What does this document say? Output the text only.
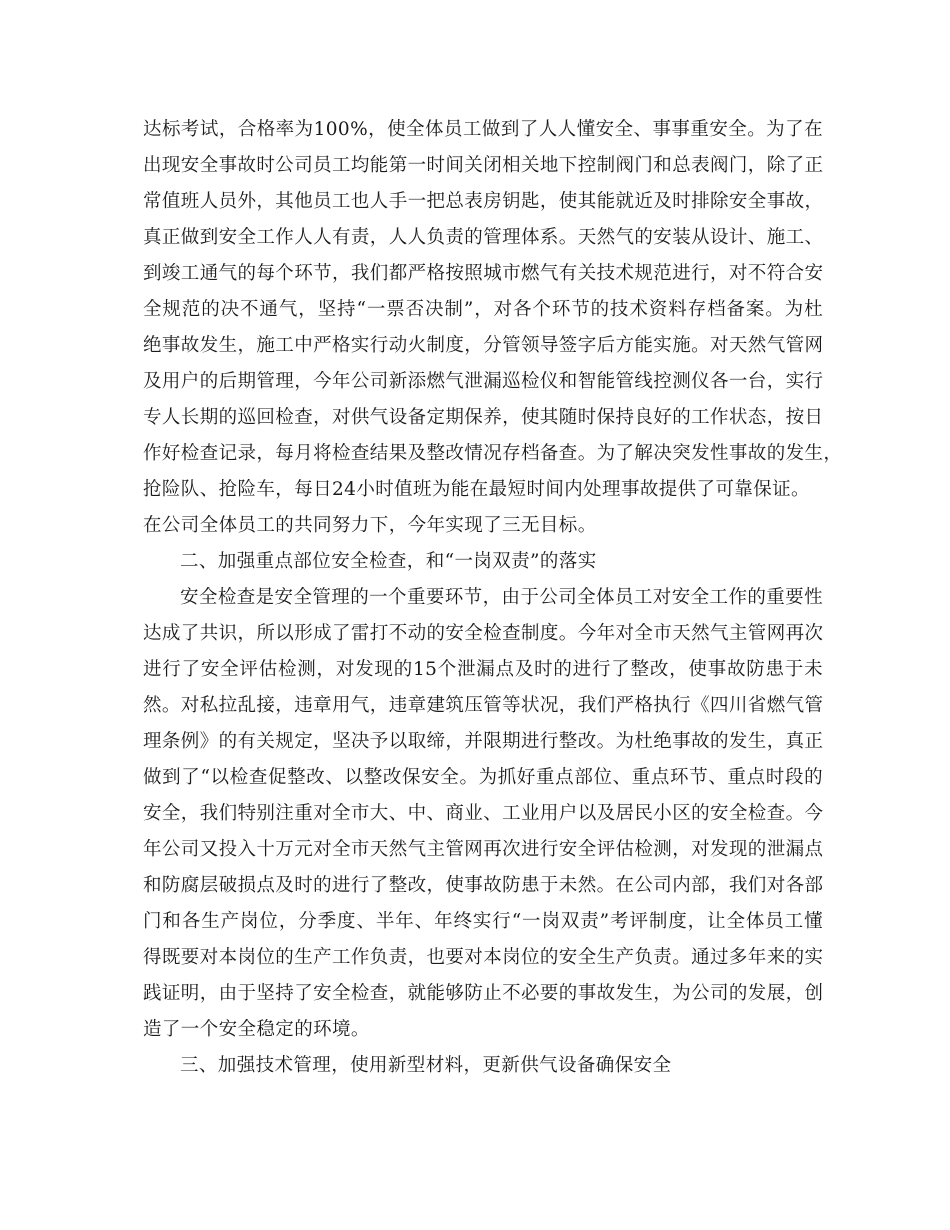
达标考试，合格率为100%，使全体员工做到了人人懂安全、事事重安全。为了在
出现安全事故时公司员工均能第一时间关闭相关地下控制阀门和总表阀门，除了正
常值班人员外，其他员工也人手一把总表房钥匙，使其能就近及时排除安全事故，
真正做到安全工作人人有责，人人负责的管理体系。天然气的安装从设计、施工、
到竣工通气的每个环节，我们都严格按照城市燃气有关技术规范进行，对不符合安
全规范的决不通气，坚持“一票否决制”，对各个环节的技术资料存档备案。为杜
绝事故发生，施工中严格实行动火制度，分管领导签字后方能实施。对天然气管网
及用户的后期管理，今年公司新添燃气泄漏巡检仪和智能管线控测仪各一台，实行
专人长期的巡回检查，对供气设备定期保养，使其随时保持良好的工作状态，按日
作好检查记录，每月将检查结果及整改情况存档备查。为了解决突发性事故的发生，
抢险队、抢险车，每日24小时值班为能在最短时间内处理事故提供了可靠保证。
在公司全体员工的共同努力下，今年实现了三无目标。
二、加强重点部位安全检查，和“一岗双责”的落实
安全检查是安全管理的一个重要环节，由于公司全体员工对安全工作的重要性
达成了共识，所以形成了雷打不动的安全检查制度。今年对全市天然气主管网再次
进行了安全评估检测，对发现的15个泄漏点及时的进行了整改，使事故防患于未
然。对私拉乱接，违章用气，违章建筑压管等状况，我们严格执行《四川省燃气管
理条例》的有关规定，坚决予以取缔，并限期进行整改。为杜绝事故的发生，真正
做到了“以检查促整改、以整改保安全。为抓好重点部位、重点环节、重点时段的
安全，我们特别注重对全市大、中、商业、工业用户以及居民小区的安全检查。今
年公司又投入十万元对全市天然气主管网再次进行安全评估检测，对发现的泄漏点
和防腐层破损点及时的进行了整改，使事故防患于未然。在公司内部，我们对各部
门和各生产岗位，分季度、半年、年终实行“一岗双责”考评制度，让全体员工懂
得既要对本岗位的生产工作负责，也要对本岗位的安全生产负责。通过多年来的实
践证明，由于坚持了安全检查，就能够防止不必要的事故发生，为公司的发展，创
造了一个安全稳定的环境。
三、加强技术管理，使用新型材料，更新供气设备确保安全
